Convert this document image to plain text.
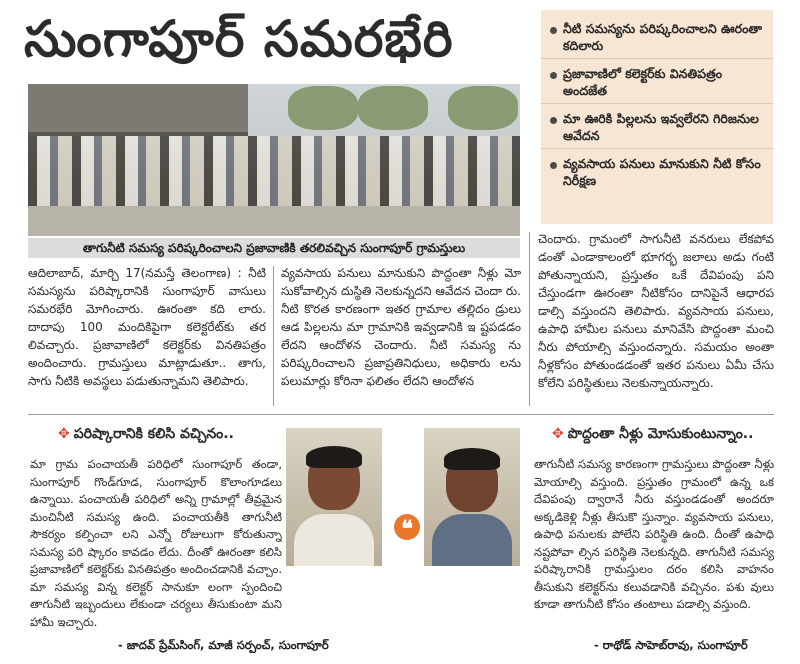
సుంగాపూర్ సమరభేరి
తాగునీటి సమస్య పరిష్కరించాలని ప్రజావాణికి తరలివచ్చిన సుంగాపూర్ గ్రామస్తులు
నీటి సమస్యను పరిష్కరించాలని ఊరంతా కదిలారు
ప్రజావాణిలో కలెక్టర్‌కు వినతిపత్రం అందజేత
మా ఊరికి పిల్లలను ఇవ్వలేరని గిరిజనుల ఆవేదన
వ్యవసాయ పనులు మానుకుని నీటి కోసం నిరీక్షణ
ఆదిలాబాద్, మార్చి 17(నమస్తే తెలంగాణ) : నీటి సమస్యను పరిష్కారానికి సుంగాపూర్ వాసులు సమరభేరి మోగించారు. ఊరంతా కది లారు. దాదాపు 100 మందికిపైగా కలెక్టరేట్‌కు తర లివచ్చారు. ప్రజావాణిలో కలెక్టర్‌కు వినతిపత్రం అందించారు. గ్రామస్తులు మాట్లాడుతూ.. తాగు, సాగు నీటికి అవస్థలు పడుతున్నామని తెలిపారు.
వ్యవసాయ పనులు మానుకుని పొద్దంతా నీళ్లు మో సుకోవాల్సిన దుస్థితి నెలకున్నదని ఆవేదన చెందా రు. నీటి కొరత కారణంగా ఇతర గ్రామాల తల్లిదం డ్రులు ఆడ పిల్లలను మా గ్రామానికి ఇవ్వడానికి ఇ ష్టపడడం లేదని ఆందోళన చెందారు. నీటి సమస్య ను పరిష్కరించాలని ప్రజాప్రతినిధులు, అధికారు లను పలుమార్లు కోరినా ఫలితం లేదని ఆందోళన
చెందారు. గ్రామంలో సాగునీటి వనరులు లేకపోవ డంతో ఎండాకాలంలో భూగర్భ జలాలు అడు గంటి పోతున్నాయని, ప్రస్తుతం ఒకే దేవిపంపు పని చేస్తుండగా ఊరంతా నీటికోసం దానిపైనే ఆధారప డాల్సి వస్తుందని తెలిపారు. వ్యవసాయ పనులు, ఉపాధి హామీల పనులు మానివేసి పొద్దంతా మంచి నీరు పోయాల్సి వస్తుందన్నారు. సమయం అంతా నీళ్లకోసం పోతుండడంతో ఇతర పనులు ఏమీ చేసు కోలేని పరిస్థితులు నెలకున్నాయన్నారు.
✥ పరిష్కారానికి కలిసి వచ్చినం..
మా గ్రామ పంచాయతీ పరిధిలో సుంగాపూర్ తండా, సుంగాపూర్ గొండ్‌గూడ, సుంగాపూర్ కొలాంగూడలు ఉన్నాయి. పంచాయతీ పరిధిలో అన్ని గ్రామాల్లో తీవ్రమైన మంచినీటి సమస్య ఉంది. పంచాయతీకి తాగునీటి సౌకర్యం కల్పించా లని ఎన్నో రోజులుగా కోరుతున్నా సమస్య పరి ష్కారం కావడం లేదు. దీంతో ఊరంతా కలిసి ప్రజావాణిలో కలెక్టర్‌కు వినతిపత్రం అందించడానికి వచ్చాం. మా సమస్య విన్న కలెక్టర్ సానుకూ లంగా స్పందించి తాగునీటి ఇబ్బందులు లేకుండా చర్యలు తీసుకుంటా మని హామీ ఇచ్చారు.
- జాదవ్ ప్రేమ్‌సింగ్, మాజీ సర్పంచ్, సుంగాపూర్
❝
✥ పొద్దంతా నీళ్లు మోసుకుంటున్నాం..
తాగునీటి సమస్య కారణంగా గ్రామస్తులు పొద్దంతా నీళ్లు మోయాల్సి వస్తుంది. ప్రస్తుతం గ్రామంలో ఉన్న ఒక దేవిపంపు ద్వారానే నీరు వస్తుండడంతో అందరూ అక్కడికెళ్లి నీళ్లు తీసుకొ స్తున్నాం. వ్యవసాయ పనులు, ఉపాధి పనులకు పోలేని పరిస్థితి ఉంది. దీంతో ఉపాధి నష్టపోవా ల్సిన పరిస్థితి నెలకున్నది. తాగునీటి సమస్య పరిష్కారానికి గ్రామస్తులం దరం కలిసి వాహనం తీసుకుని కలెక్టర్‌ను కలువడానికి వచ్చినం. పశు వులు కూడా తాగునీటి కోసం తంటాలు పడాల్సి వస్తుంది.
- రాథోడ్ సాహెబ్‌రావు, సుంగాపూర్
